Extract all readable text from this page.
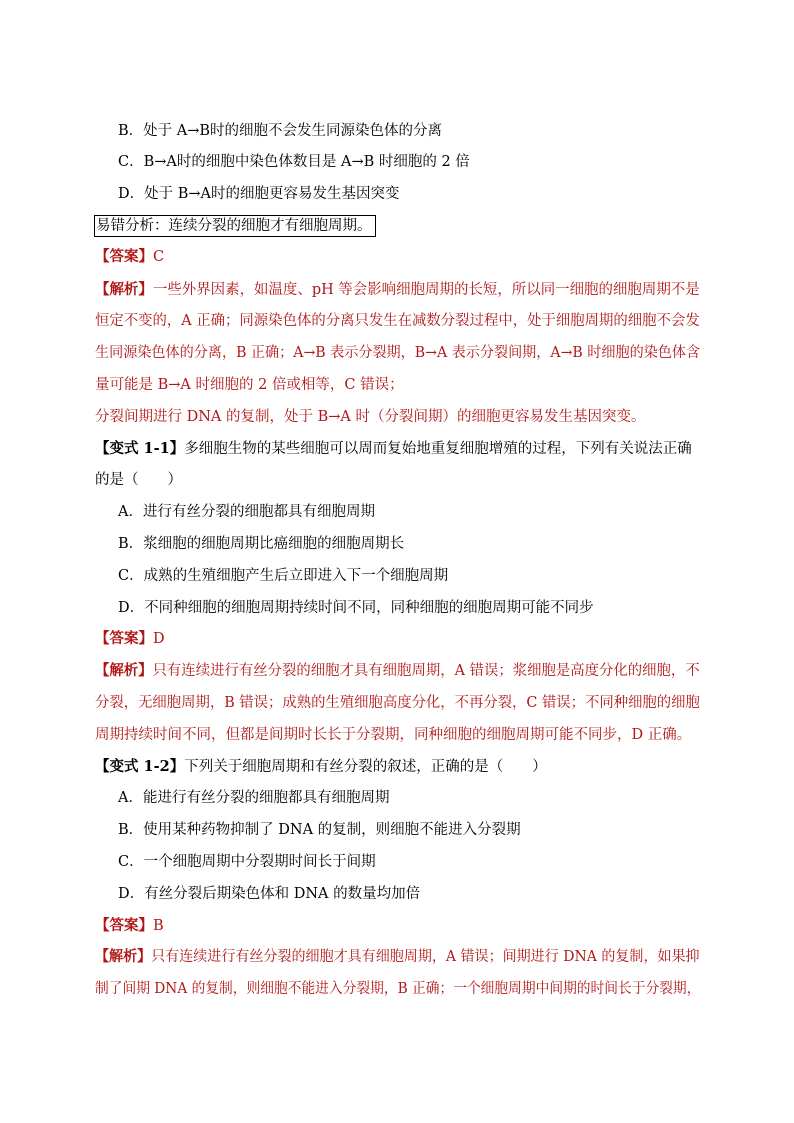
B．处于 A→B时的细胞不会发生同源染色体的分离
C．B→A时的细胞中染色体数目是 A→B 时细胞的 2 倍
D．处于 B→A时的细胞更容易发生基因突变
易错分析：连续分裂的细胞才有细胞周期。
【答案】C
【解析】一些外界因素，如温度、pH 等会影响细胞周期的长短，所以同一细胞的细胞周期不是
恒定不变的，A 正确；同源染色体的分离只发生在减数分裂过程中，处于细胞周期的细胞不会发
生同源染色体的分离，B 正确；A→B 表示分裂期，B→A 表示分裂间期，A→B 时细胞的染色体含
量可能是 B→A 时细胞的 2 倍或相等，C 错误；
分裂间期进行 DNA 的复制，处于 B→A 时（分裂间期）的细胞更容易发生基因突变。
【变式 1-1】多细胞生物的某些细胞可以周而复始地重复细胞增殖的过程，下列有关说法正确
的是（　　）
A．进行有丝分裂的细胞都具有细胞周期
B．浆细胞的细胞周期比癌细胞的细胞周期长
C．成熟的生殖细胞产生后立即进入下一个细胞周期
D．不同种细胞的细胞周期持续时间不同，同种细胞的细胞周期可能不同步
【答案】D
【解析】只有连续进行有丝分裂的细胞才具有细胞周期，A 错误；浆细胞是高度分化的细胞，不
分裂，无细胞周期，B 错误；成熟的生殖细胞高度分化，不再分裂，C 错误；不同种细胞的细胞
周期持续时间不同，但都是间期时长长于分裂期，同种细胞的细胞周期可能不同步，D 正确。
【变式 1-2】下列关于细胞周期和有丝分裂的叙述，正确的是（　　）
A．能进行有丝分裂的细胞都具有细胞周期
B．使用某种药物抑制了 DNA 的复制，则细胞不能进入分裂期
C．一个细胞周期中分裂期时间长于间期
D．有丝分裂后期染色体和 DNA 的数量均加倍
【答案】B
【解析】只有连续进行有丝分裂的细胞才具有细胞周期，A 错误；间期进行 DNA 的复制，如果抑
制了间期 DNA 的复制，则细胞不能进入分裂期，B 正确；一个细胞周期中间期的时间长于分裂期，
